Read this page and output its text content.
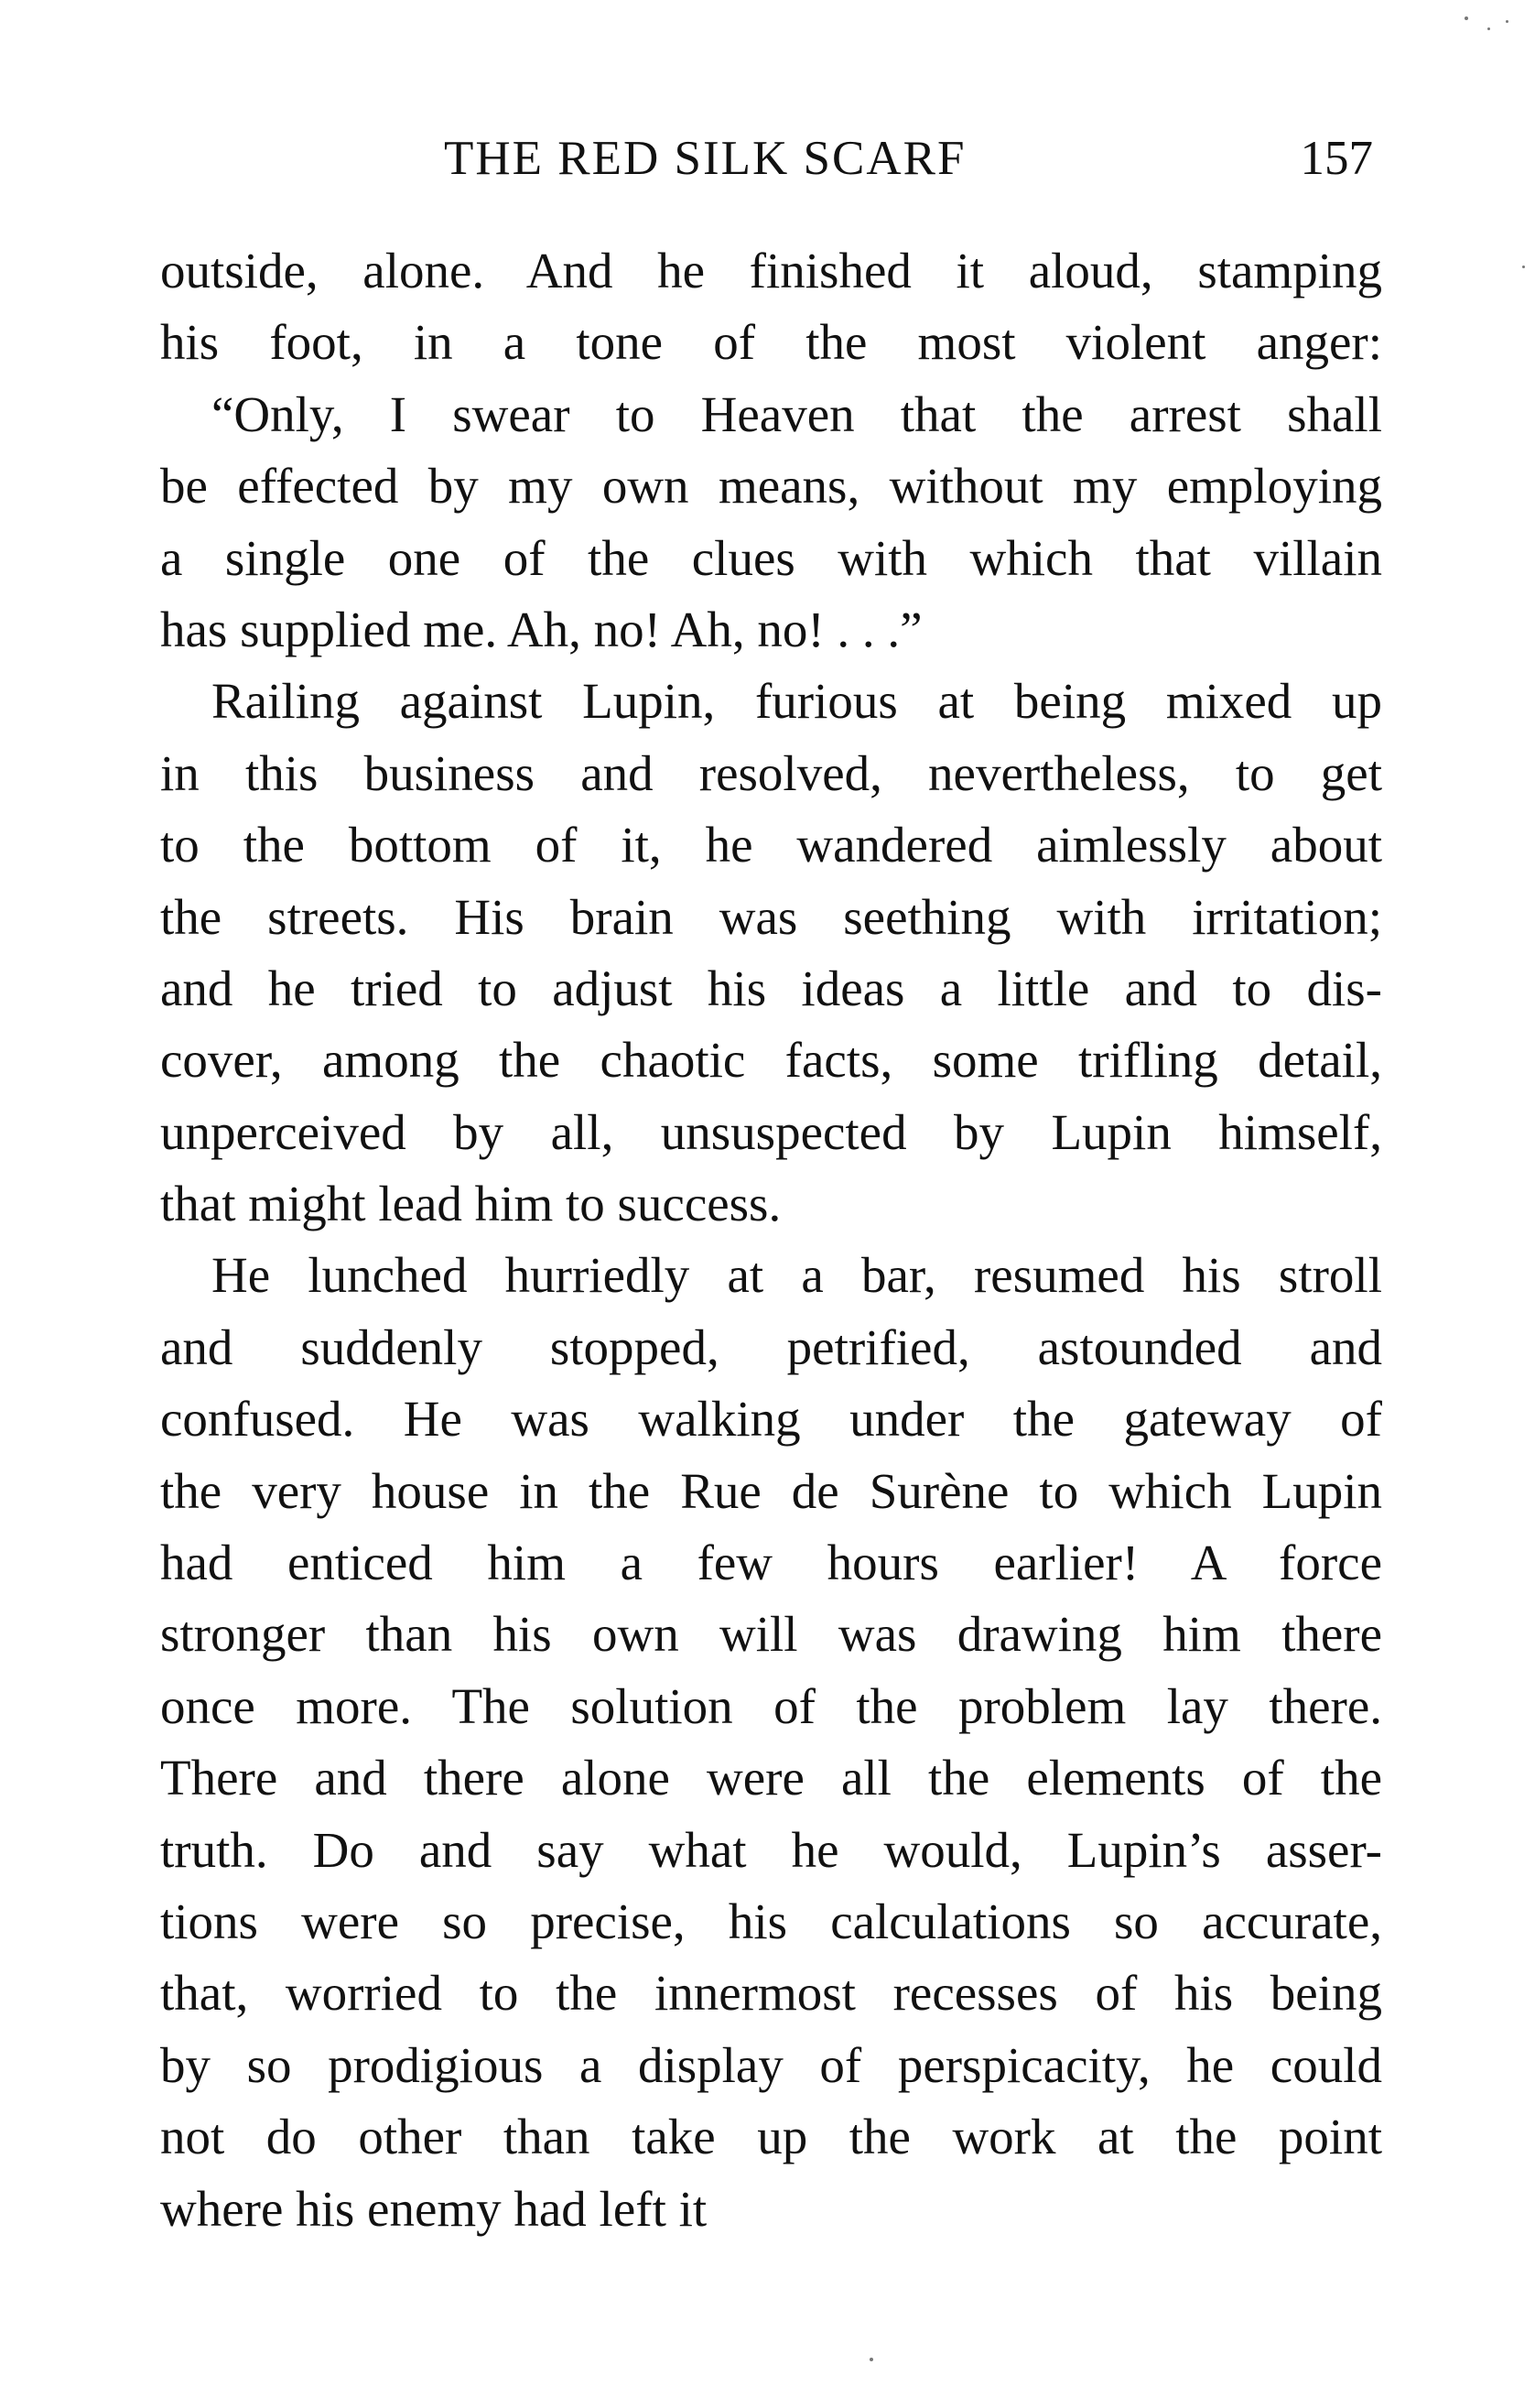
THE RED SILK SCARF	157
outside, alone. And he finished it aloud, stamping
his foot, in a tone of the most violent anger:
“Only, I swear to Heaven that the arrest shall
be effected by my own means, without my employing
a single one of the clues with which that villain
has supplied me. Ah, no! Ah, no! . . .”
Railing against Lupin, furious at being mixed up
in this business and resolved, nevertheless, to get
to the bottom of it, he wandered aimlessly about
the streets. His brain was seething with irritation;
and he tried to adjust his ideas a little and to dis-
cover, among the chaotic facts, some trifling detail,
unperceived by all, unsuspected by Lupin himself,
that might lead him to success.
He lunched hurriedly at a bar, resumed his stroll
and suddenly stopped, petrified, astounded and
confused. He was walking under the gateway of
the very house in the Rue de Surène to which Lupin
had enticed him a few hours earlier! A force
stronger than his own will was drawing him there
once more. The solution of the problem lay there.
There and there alone were all the elements of the
truth. Do and say what he would, Lupin’s asser-
tions were so precise, his calculations so accurate,
that, worried to the innermost recesses of his being
by so prodigious a display of perspicacity, he could
not do other than take up the work at the point
where his enemy had left it
